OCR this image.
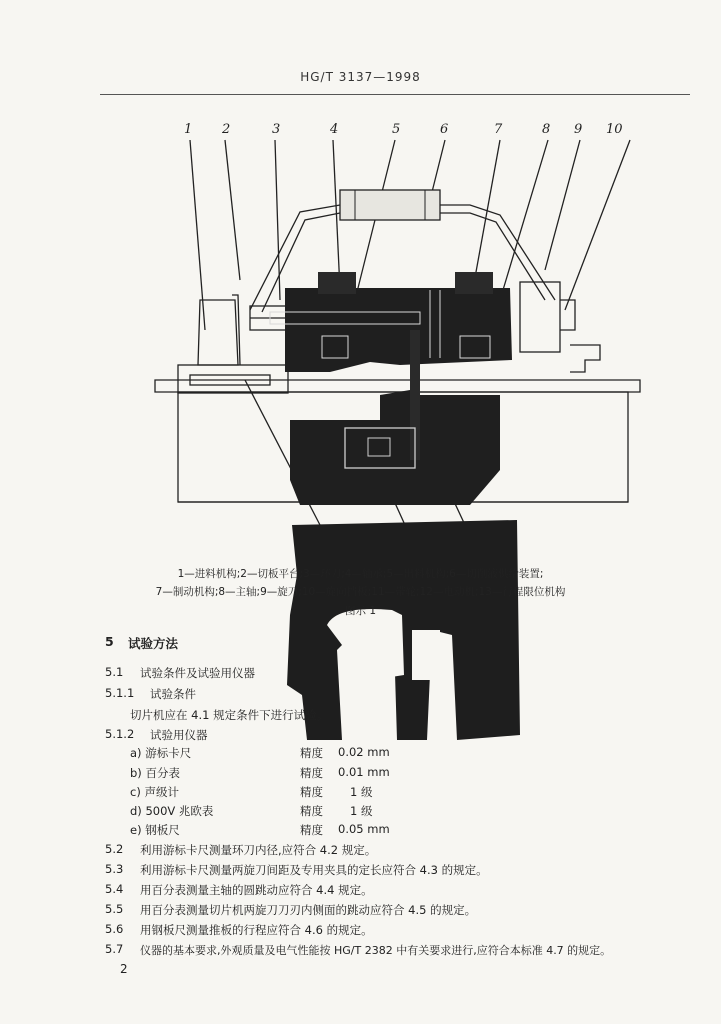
HG/T 3137—1998
1 2	3	4	5	6	7	8 9 10
1—进料机构;2—切板平台;3—环刀;4—轴承;5—出料机构;6—切削液供给装置;
7—制动机构;8—主轴;9—旋刀;10—旋向挡板;11—带轮;12—电动机;13—行程限位机构
图示 1
5 试验方法
5.1 试验条件及试验用仪器
5.1.1 试验条件
切片机应在 4.1 规定条件下进行试验。
5.1.2 试验用仪器
a) 游标卡尺	精度 0.02 mm
b) 百分表	精度 0.01 mm
c) 声级计	精度 1 级
d) 500V 兆欧表	精度 1 级
e) 钢板尺	精度 0.05 mm
5.2 利用游标卡尺测量环刀内径,应符合 4.2 规定。
5.3 利用游标卡尺测量两旋刀间距及专用夹具的定长应符合 4.3 的规定。
5.4 用百分表测量主轴的圆跳动应符合 4.4 规定。
5.5 用百分表测量切片机两旋刀刀刃内侧面的跳动应符合 4.5 的规定。
5.6 用钢板尺测量推板的行程应符合 4.6 的规定。
5.7 仪器的基本要求,外观质量及电气性能按 HG/T 2382 中有关要求进行,应符合本标准 4.7 的规定。
2
